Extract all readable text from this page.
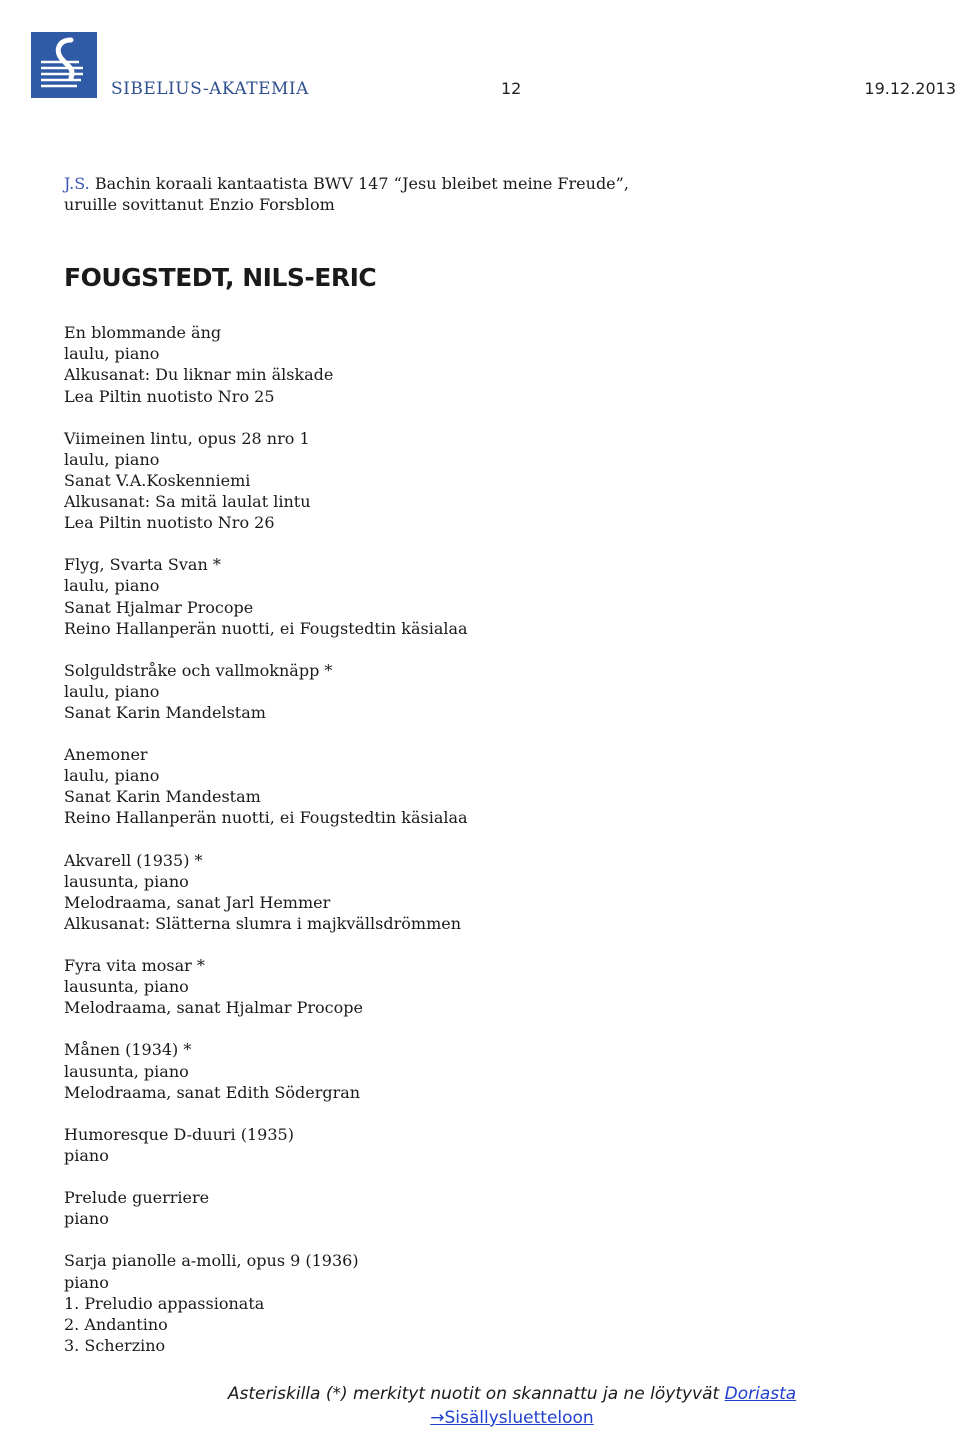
SIBELIUS-AKATEMIA	12	19.12.2013
J.S. Bachin koraali kantaatista BWV 147 “Jesu bleibet meine Freude”,
uruille sovittanut Enzio Forsblom
FOUGSTEDT, NILS-ERIC
En blommande äng
laulu, piano
Alkusanat: Du liknar min älskade
Lea Piltin nuotisto Nro 25
Viimeinen lintu, opus 28 nro 1
laulu, piano
Sanat V.A.Koskenniemi
Alkusanat: Sa mitä laulat lintu
Lea Piltin nuotisto Nro 26
Flyg, Svarta Svan *
laulu, piano
Sanat Hjalmar Procope
Reino Hallanperän nuotti, ei Fougstedtin käsialaa
Solguldstråke och vallmoknäpp *
laulu, piano
Sanat Karin Mandelstam
Anemoner
laulu, piano
Sanat Karin Mandestam
Reino Hallanperän nuotti, ei Fougstedtin käsialaa
Akvarell (1935) *
lausunta, piano
Melodraama, sanat Jarl Hemmer
Alkusanat: Slätterna slumra i majkvällsdrömmen
Fyra vita mosar *
lausunta, piano
Melodraama, sanat Hjalmar Procope
Månen (1934) *
lausunta, piano
Melodraama, sanat Edith Södergran
Humoresque D-duuri (1935)
piano
Prelude guerriere
piano
Sarja pianolle a-molli, opus 9 (1936)
piano
1. Preludio appassionata
2. Andantino
3. Scherzino
Asteriskilla (*) merkityt nuotit on skannattu ja ne löytyvät Doriasta
→Sisällysluetteloon
